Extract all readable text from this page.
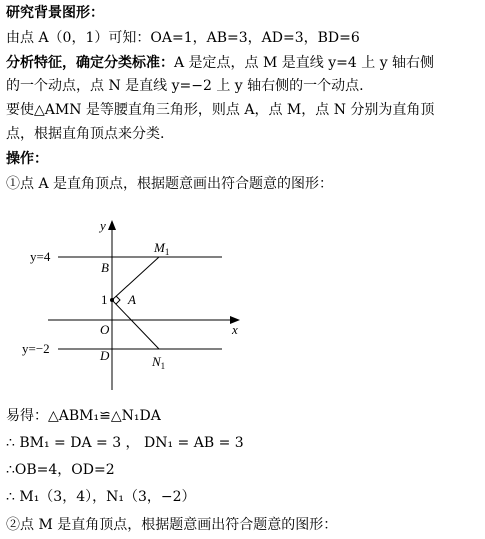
研究背景图形：
由点 A（0，1）可知：OA=1，AB=3，AD=3，BD=6
分析特征，确定分类标准：A 是定点，点 M 是直线 y=4 上 y 轴右侧
的一个动点，点 N 是直线 y=−2 上 y 轴右侧的一个动点.
要使△AMN 是等腰直角三角形，则点 A，点 M，点 N 分别为直角顶
点，根据直角顶点来分类.
操作：
①点 A 是直角顶点，根据题意画出符合题意的图形：
y
x
y=4
y=−2
B
1 A
O
D
$M_1$
$N_1$
易得：△ABM₁≌△N₁DA
∴ BM₁ = DA = 3 ， DN₁ = AB = 3
∴OB=4，OD=2
∴ M₁（3，4），N₁（3，−2）
②点 M 是直角顶点，根据题意画出符合题意的图形：
